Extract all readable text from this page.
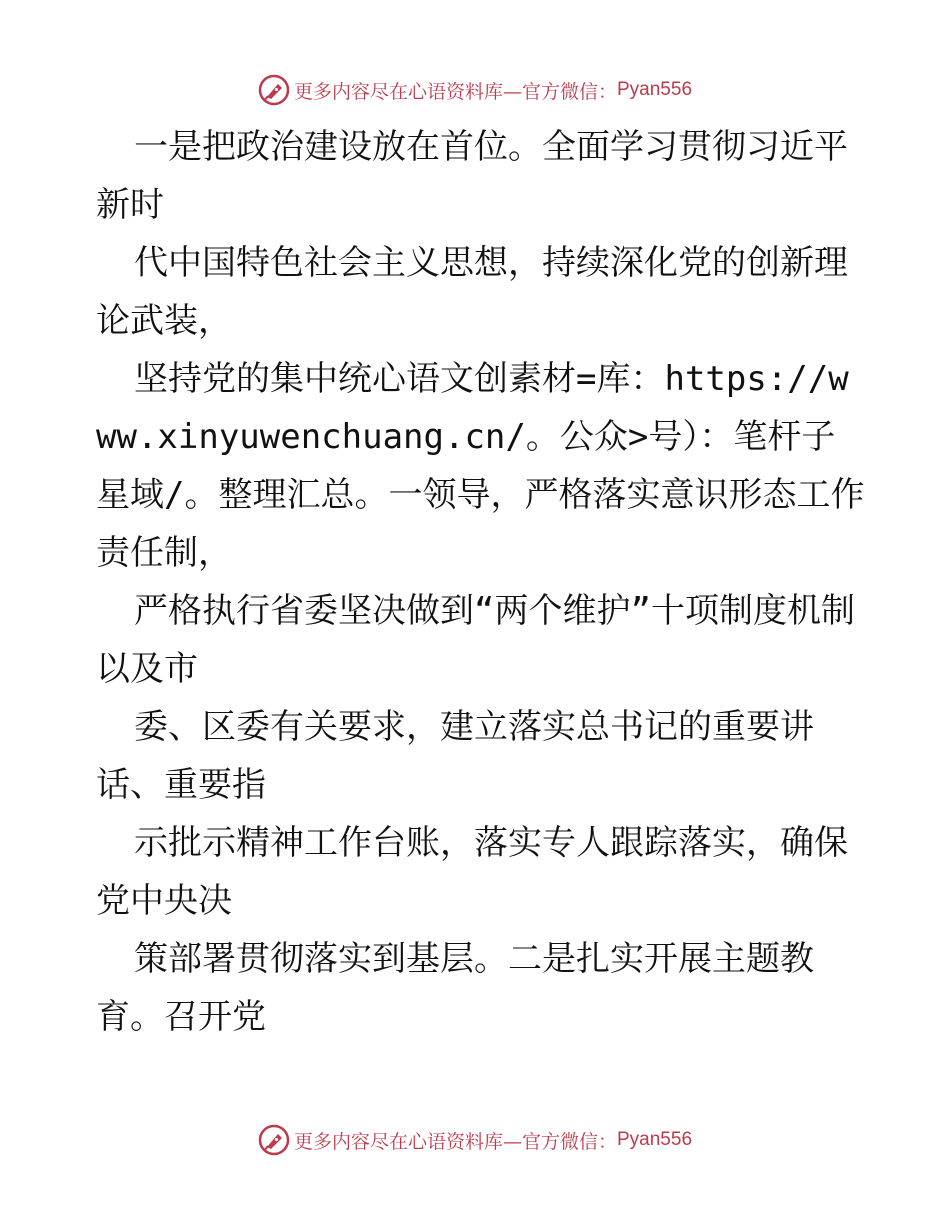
更多内容尽在心语资料库—官方微信： Pyan556

一是把政治建设放在首位。全面学习贯彻习近平新时

代中国特色社会主义思想，持续深化党的创新理论武装，

坚持党的集中统心语文创素材=库：https://www.xinyuwenchuang.cn/。公众>号）：笔杆子星域/。整理汇总。一领导，严格落实意识形态工作责任制，

严格执行省委坚决做到“两个维护”十项制度机制以及市

委、区委有关要求，建立落实总书记的重要讲话、重要指

示批示精神工作台账，落实专人跟踪落实，确保党中央决

策部署贯彻落实到基层。二是扎实开展主题教育。召开党

更多内容尽在心语资料库—官方微信： Pyan556
